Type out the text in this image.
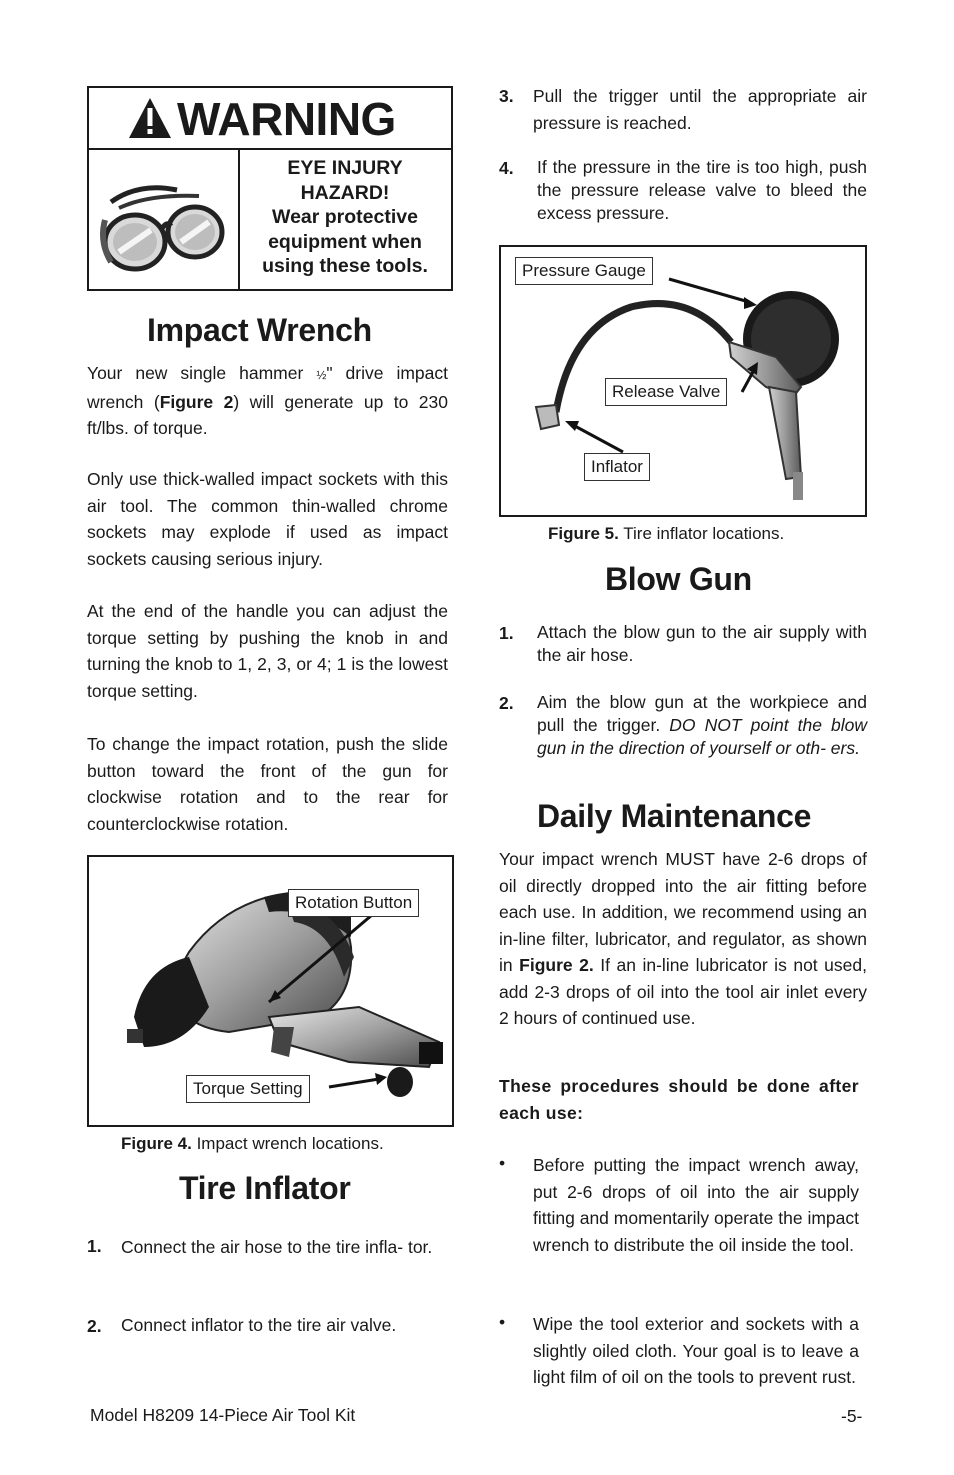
WARNING
EYE INJURY
HAZARD!
Wear protective
equipment when
using these tools.
Impact Wrench
Your new single hammer ½" drive impact wrench (Figure 2) will generate up to 230 ft/lbs. of torque.
Only use thick-walled impact sockets with this air tool. The common thin-walled chrome sockets may explode if used as impact sockets causing serious injury.
At the end of the handle you can adjust the torque setting by pushing the knob in and turning the knob to 1, 2, 3, or 4; 1 is the lowest torque setting.
To change the impact rotation, push the slide button toward the front of the gun for clockwise rotation and to the rear for counterclockwise rotation.
Rotation Button
Torque Setting
Figure 4. Impact wrench locations.
Tire Inflator
1. Connect the air hose to the tire infla- tor.
2. Connect inflator to the tire air valve.
3. Pull the trigger until the appropriate air pressure is reached.
4. If the pressure in the tire is too high, push the pressure release valve to bleed the excess pressure.
Pressure Gauge
Release Valve
Inflator
Figure 5. Tire inflator locations.
Blow Gun
1. Attach the blow gun to the air supply with the air hose.
2. Aim the blow gun at the workpiece and pull the trigger. DO NOT point the blow gun in the direction of yourself or oth- ers.
Daily Maintenance
Your impact wrench MUST have 2-6 drops of oil directly dropped into the air fitting before each use. In addition, we recommend using an in-line filter, lubricator, and regulator, as shown in Figure 2. If an in-line lubricator is not used, add 2-3 drops of oil into the tool air inlet every 2 hours of continued use.
These procedures should be done after each use:
• Before putting the impact wrench away, put 2-6 drops of oil into the air supply fitting and momentarily operate the impact wrench to distribute the oil inside the tool.
• Wipe the tool exterior and sockets with a slightly oiled cloth. Your goal is to leave a light film of oil on the tools to prevent rust.
Model H8209 14-Piece Air Tool Kit	-5-
